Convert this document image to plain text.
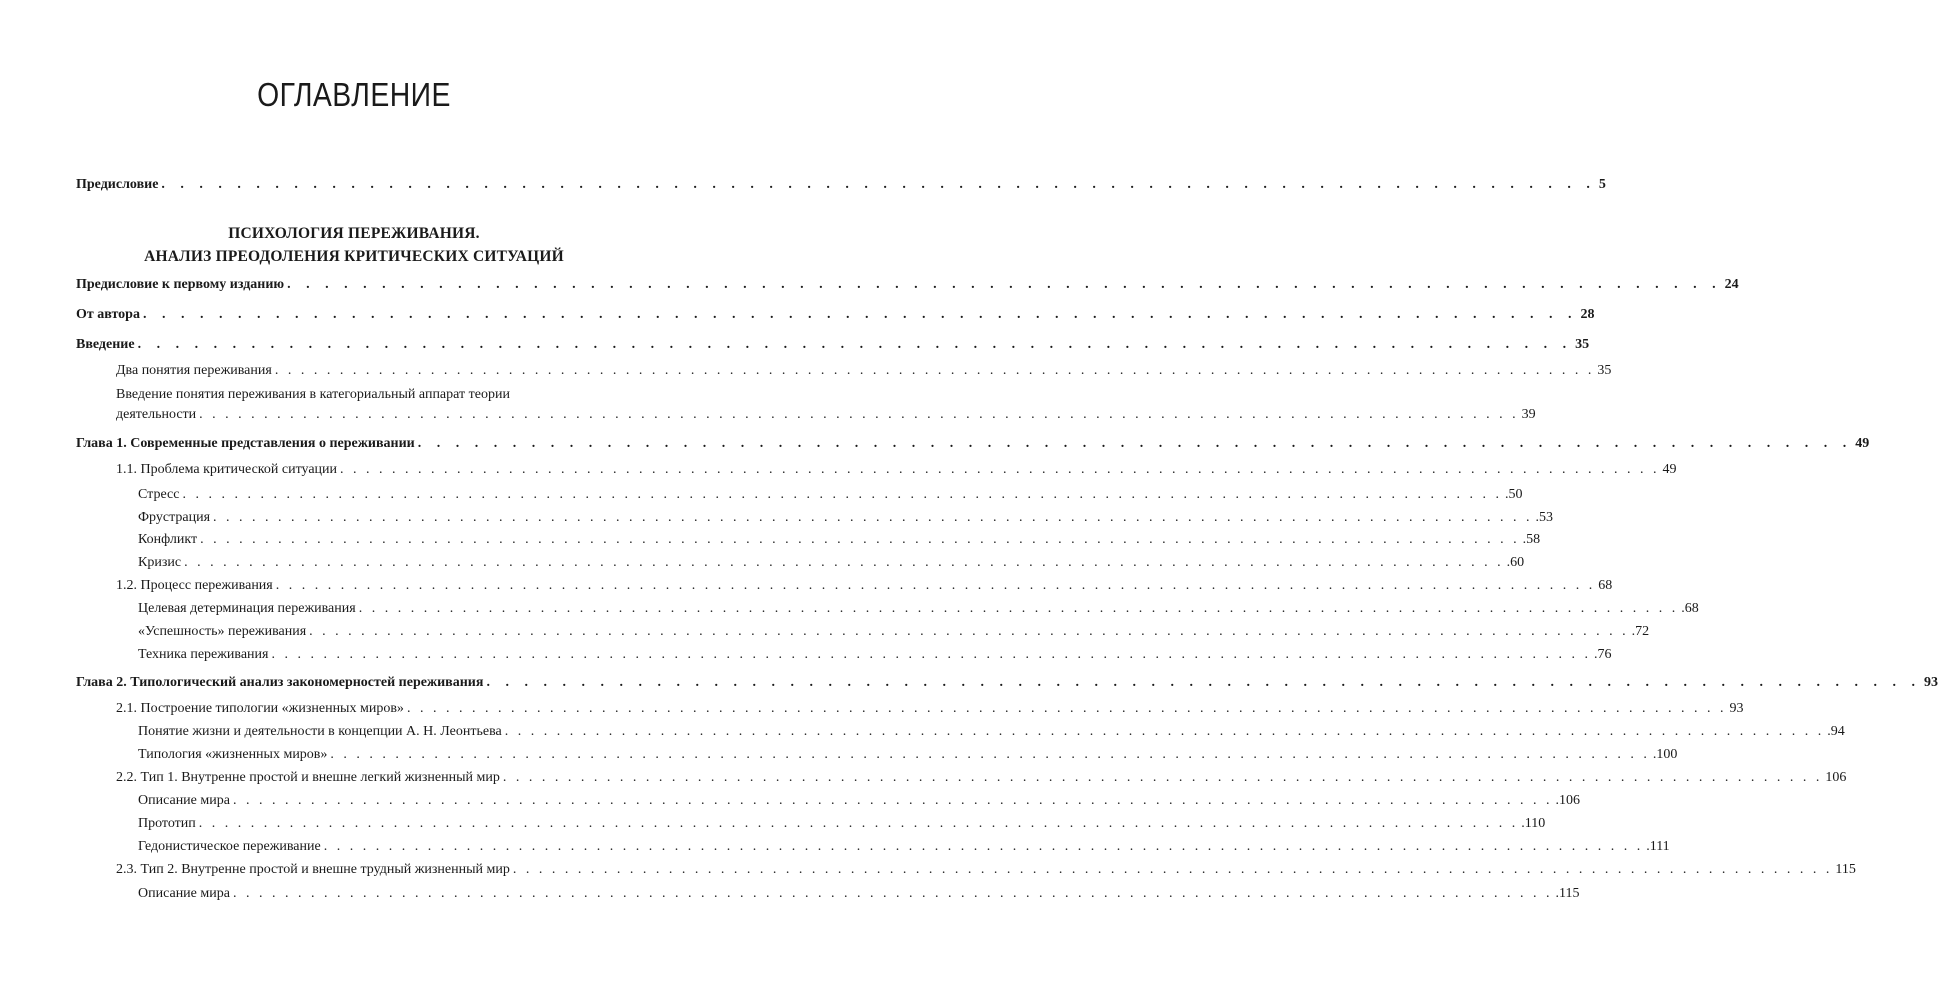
ОГЛАВЛЕНИЕ
Предисловие . . . . . . . . . . . . . . . . . . . . . . . . . . . . . . . . . . . . . . . . . . . . . . . . . . . . . . . . . . . . . . . . . . . . . . . . . . . . 5
ПСИХОЛОГИЯ ПЕРЕЖИВАНИЯ.
АНАЛИЗ ПРЕОДОЛЕНИЯ КРИТИЧЕСКИХ СИТУАЦИЙ
Предисловие к первому изданию . . . . . . . . . . . . . . . . . . . . . . . . . . . . . . . . . . . . . . . . . . . . . . . . . . . . . . . . . . . . . . . . . . . . . . . . . . . . 24
От автора . . . . . . . . . . . . . . . . . . . . . . . . . . . . . . . . . . . . . . . . . . . . . . . . . . . . . . . . . . . . . . . . . . . . . . . . . . . . 28
Введение . . . . . . . . . . . . . . . . . . . . . . . . . . . . . . . . . . . . . . . . . . . . . . . . . . . . . . . . . . . . . . . . . . . . . . . . . . . . 35
Два понятия переживания . . . . . . . . . . . . . . . . . . . . . . . . . . . . . . . . . . . . . . . . . . . . . . . . . . . . . . . . . . . . . . . . . . . . . . . . . . . . . . . . . . . . . . . . . . . . . . . . . . . . . . 35
Введение понятия переживания в категориальный аппарат теории
деятельности . . . . . . . . . . . . . . . . . . . . . . . . . . . . . . . . . . . . . . . . . . . . . . . . . . . . . . . . . . . . . . . . . . . . . . . . . . . . . . . . . . . . . . . . . . . . . . . . . . . . . . 39
Глава 1. Современные представления о переживании . . . . . . . . . . . . . . . . . . . . . . . . . . . . . . . . . . . . . . . . . . . . . . . . . . . . . . . . . . . . . . . . . . . . . . . . . . . . 49
1.1. Проблема критической ситуации . . . . . . . . . . . . . . . . . . . . . . . . . . . . . . . . . . . . . . . . . . . . . . . . . . . . . . . . . . . . . . . . . . . . . . . . . . . . . . . . . . . . . . . . . . . . . . . . . . . . . . 49
Стресс . . . . . . . . . . . . . . . . . . . . . . . . . . . . . . . . . . . . . . . . . . . . . . . . . . . . . . . . . . . . . . . . . . . . . . . . . . . . . . . . . . . . . . . . . . . . . . . . . . . . . . .50
Фрустрация . . . . . . . . . . . . . . . . . . . . . . . . . . . . . . . . . . . . . . . . . . . . . . . . . . . . . . . . . . . . . . . . . . . . . . . . . . . . . . . . . . . . . . . . . . . . . . . . . . . . . . .53
Конфликт . . . . . . . . . . . . . . . . . . . . . . . . . . . . . . . . . . . . . . . . . . . . . . . . . . . . . . . . . . . . . . . . . . . . . . . . . . . . . . . . . . . . . . . . . . . . . . . . . . . . . . .58
Кризис . . . . . . . . . . . . . . . . . . . . . . . . . . . . . . . . . . . . . . . . . . . . . . . . . . . . . . . . . . . . . . . . . . . . . . . . . . . . . . . . . . . . . . . . . . . . . . . . . . . . . . .60
1.2. Процесс переживания . . . . . . . . . . . . . . . . . . . . . . . . . . . . . . . . . . . . . . . . . . . . . . . . . . . . . . . . . . . . . . . . . . . . . . . . . . . . . . . . . . . . . . . . . . . . . . . . . . . . . . 68
Целевая детерминация переживания . . . . . . . . . . . . . . . . . . . . . . . . . . . . . . . . . . . . . . . . . . . . . . . . . . . . . . . . . . . . . . . . . . . . . . . . . . . . . . . . . . . . . . . . . . . . . . . . . . . . . . .68
«Успешность» переживания . . . . . . . . . . . . . . . . . . . . . . . . . . . . . . . . . . . . . . . . . . . . . . . . . . . . . . . . . . . . . . . . . . . . . . . . . . . . . . . . . . . . . . . . . . . . . . . . . . . . . . .72
Техника переживания . . . . . . . . . . . . . . . . . . . . . . . . . . . . . . . . . . . . . . . . . . . . . . . . . . . . . . . . . . . . . . . . . . . . . . . . . . . . . . . . . . . . . . . . . . . . . . . . . . . . . . .76
Глава 2. Типологический анализ закономерностей переживания . . . . . . . . . . . . . . . . . . . . . . . . . . . . . . . . . . . . . . . . . . . . . . . . . . . . . . . . . . . . . . . . . . . . . . . . . . . . 93
2.1. Построение типологии «жизненных миров» . . . . . . . . . . . . . . . . . . . . . . . . . . . . . . . . . . . . . . . . . . . . . . . . . . . . . . . . . . . . . . . . . . . . . . . . . . . . . . . . . . . . . . . . . . . . . . . . . . . . . . 93
Понятие жизни и деятельности в концепции А. Н. Леонтьева . . . . . . . . . . . . . . . . . . . . . . . . . . . . . . . . . . . . . . . . . . . . . . . . . . . . . . . . . . . . . . . . . . . . . . . . . . . . . . . . . . . . . . . . . . . . . . . . . . . . . . .94
Типология «жизненных миров» . . . . . . . . . . . . . . . . . . . . . . . . . . . . . . . . . . . . . . . . . . . . . . . . . . . . . . . . . . . . . . . . . . . . . . . . . . . . . . . . . . . . . . . . . . . . . . . . . . . . . . .100
2.2. Тип 1. Внутренне простой и внешне легкий жизненный мир . . . . . . . . . . . . . . . . . . . . . . . . . . . . . . . . . . . . . . . . . . . . . . . . . . . . . . . . . . . . . . . . . . . . . . . . . . . . . . . . . . . . . . . . . . . . . . . . . . . . . . 106
Описание мира . . . . . . . . . . . . . . . . . . . . . . . . . . . . . . . . . . . . . . . . . . . . . . . . . . . . . . . . . . . . . . . . . . . . . . . . . . . . . . . . . . . . . . . . . . . . . . . . . . . . . . .106
Прототип . . . . . . . . . . . . . . . . . . . . . . . . . . . . . . . . . . . . . . . . . . . . . . . . . . . . . . . . . . . . . . . . . . . . . . . . . . . . . . . . . . . . . . . . . . . . . . . . . . . . . . .110
Гедонистическое переживание . . . . . . . . . . . . . . . . . . . . . . . . . . . . . . . . . . . . . . . . . . . . . . . . . . . . . . . . . . . . . . . . . . . . . . . . . . . . . . . . . . . . . . . . . . . . . . . . . . . . . . .111
2.3. Тип 2. Внутренне простой и внешне трудный жизненный мир . . . . . . . . . . . . . . . . . . . . . . . . . . . . . . . . . . . . . . . . . . . . . . . . . . . . . . . . . . . . . . . . . . . . . . . . . . . . . . . . . . . . . . . . . . . . . . . . . . . . . . 115
Описание мира . . . . . . . . . . . . . . . . . . . . . . . . . . . . . . . . . . . . . . . . . . . . . . . . . . . . . . . . . . . . . . . . . . . . . . . . . . . . . . . . . . . . . . . . . . . . . . . . . . . . . . .115
